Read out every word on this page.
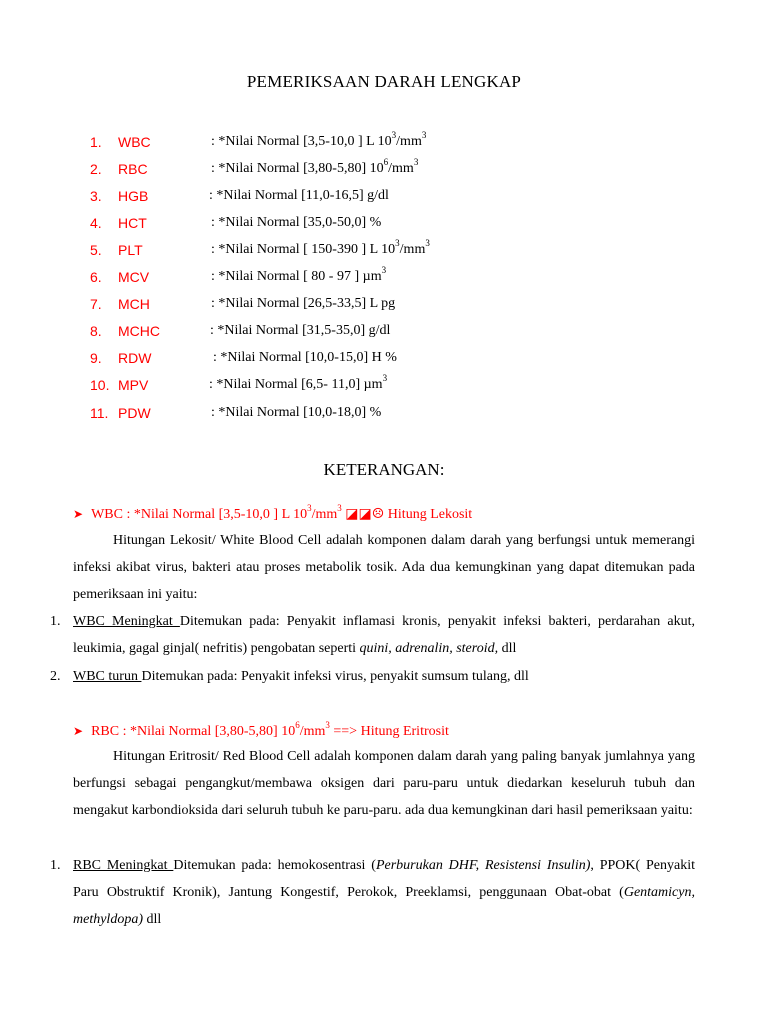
PEMERIKSAAN DARAH LENGKAP
1. WBC	: *Nilai Normal [3,5-10,0 ] L $10^3/mm^3$
2. RBC	: *Nilai Normal [3,80-5,80] $10^6/mm^3$
3. HGB	: *Nilai Normal [11,0-16,5] g/dl
4. HCT	: *Nilai Normal [35,0-50,0] %
5. PLT	: *Nilai Normal [ 150-390 ] L $10^3/mm^3$
6. MCV	: *Nilai Normal [ 80 - 97 ] µm$^3$
7. MCH	: *Nilai Normal [26,5-33,5] L pg
8. MCHC	: *Nilai Normal [31,5-35,0] g/dl
9. RDW	: *Nilai Normal [10,0-15,0] H %
10. MPV	: *Nilai Normal [6,5- 11,0] µm$^3$
11. PDW	: *Nilai Normal [10,0-18,0] %
KETERANGAN:
➤ WBC : *Nilai Normal [3,5-10,0 ] L $10^3/mm^3$ ◪◪☹ Hitung Lekosit

Hitungan Lekosit/ White Blood Cell adalah komponen dalam darah yang berfungsi untuk memerangi infeksi akibat virus, bakteri atau proses metabolik tosik. Ada dua kemungkinan yang dapat ditemukan pada pemeriksaan ini yaitu:

1. WBC Meningkat Ditemukan pada: Penyakit inflamasi kronis, penyakit infeksi bakteri, perdarahan akut, leukimia, gagal ginjal( nefritis) pengobatan seperti quini, adrenalin, steroid, dll
2. WBC turun Ditemukan pada: Penyakit infeksi virus, penyakit sumsum tulang, dll
➤ RBC : *Nilai Normal [3,80-5,80] $10^6/mm^3$ ==> Hitung Eritrosit

Hitungan Eritrosit/ Red Blood Cell adalah komponen dalam darah yang paling banyak jumlahnya yang berfungsi sebagai pengangkut/membawa oksigen dari paru-paru untuk diedarkan keseluruh tubuh dan mengakut karbondioksida dari seluruh tubuh ke paru-paru. ada dua kemungkinan dari hasil pemeriksaan yaitu:

1. RBC Meningkat Ditemukan pada: hemokosentrasi (Perburukan DHF, Resistensi Insulin), PPOK( Penyakit Paru Obstruktif Kronik), Jantung Kongestif, Perokok, Preeklamsi, penggunaan Obat-obat (Gentamicyn, methyldopa) dll
